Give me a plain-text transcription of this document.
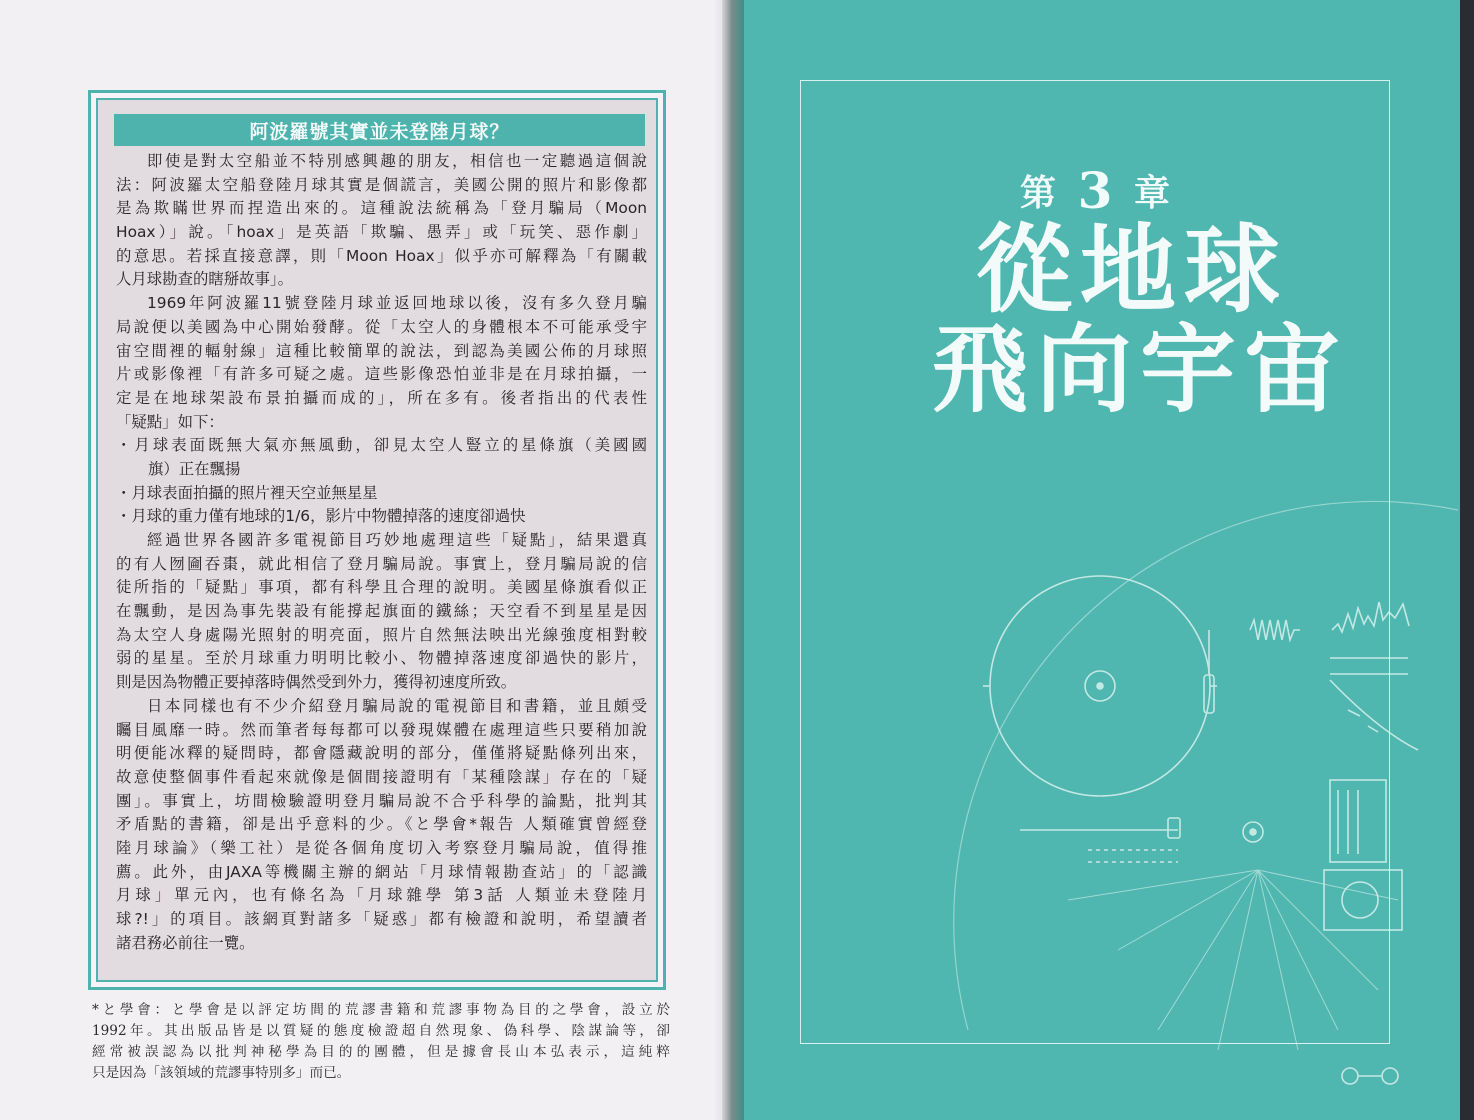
阿波羅號其實並未登陸月球？
即使是對太空船並不特別感興趣的朋友，相信也一定聽過這個說
法：阿波羅太空船登陸月球其實是個謊言，美國公開的照片和影像都
是為欺瞞世界而捏造出來的。這種說法統稱為「登月騙局（Moon
Hoax）」說。「hoax」是英語「欺騙、愚弄」或「玩笑、惡作劇」
的意思。若採直接意譯，則「Moon Hoax」似乎亦可解釋為「有關載
人月球勘查的瞎掰故事」。
1969年阿波羅11號登陸月球並返回地球以後，沒有多久登月騙
局說便以美國為中心開始發酵。從「太空人的身體根本不可能承受宇
宙空間裡的輻射線」這種比較簡單的說法，到認為美國公佈的月球照
片或影像裡「有許多可疑之處。這些影像恐怕並非是在月球拍攝，一
定是在地球架設布景拍攝而成的」，所在多有。後者指出的代表性
「疑點」如下：
・月球表面既無大氣亦無風動，卻見太空人豎立的星條旗（美國國
旗）正在飄揚
・月球表面拍攝的照片裡天空並無星星
・月球的重力僅有地球的1/6，影片中物體掉落的速度卻過快
經過世界各國許多電視節目巧妙地處理這些「疑點」，結果還真
的有人囫圇吞棗，就此相信了登月騙局說。事實上，登月騙局說的信
徒所指的「疑點」事項，都有科學且合理的說明。美國星條旗看似正
在飄動，是因為事先裝設有能撐起旗面的鐵絲；天空看不到星星是因
為太空人身處陽光照射的明亮面，照片自然無法映出光線強度相對較
弱的星星。至於月球重力明明比較小、物體掉落速度卻過快的影片，
則是因為物體正要掉落時偶然受到外力，獲得初速度所致。
日本同樣也有不少介紹登月騙局說的電視節目和書籍，並且頗受
矚目風靡一時。然而筆者每每都可以發現媒體在處理這些只要稍加說
明便能冰釋的疑問時，都會隱藏說明的部分，僅僅將疑點條列出來，
故意使整個事件看起來就像是個間接證明有「某種陰謀」存在的「疑
團」。事實上，坊間檢驗證明登月騙局說不合乎科學的論點，批判其
矛盾點的書籍，卻是出乎意料的少。《と學會*報告 人類確實曾經登
陸月球論》（樂工社）是從各個角度切入考察登月騙局說，值得推
薦。此外，由JAXA等機關主辦的網站「月球情報勘查站」的「認識
月球」單元內，也有條名為「月球雜學 第3話 人類並未登陸月
球?!」的項目。該網頁對諸多「疑惑」都有檢證和說明，希望讀者
諸君務必前往一覽。
*と學會：と學會是以評定坊間的荒謬書籍和荒謬事物為目的之學會，設立於
1992年。其出版品皆是以質疑的態度檢證超自然現象、偽科學、陰謀論等，卻
經常被誤認為以批判神秘學為目的的團體，但是據會長山本弘表示，這純粹
只是因為「該領域的荒謬事特別多」而已。
第 3 章
從地球
飛向宇宙
